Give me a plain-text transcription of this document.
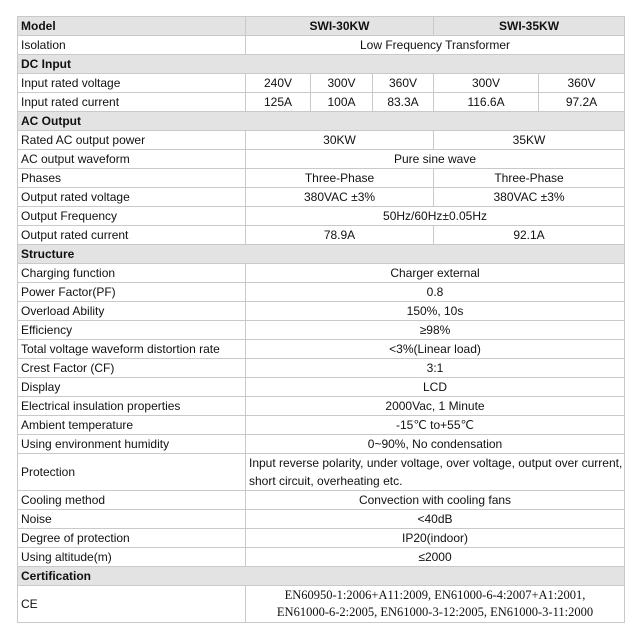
Model	SWI-30KW			SWI-35KW	
Isolation	Low Frequency Transformer				
DC Input					
Input rated voltage	240V	300V	360V	300V	360V
Input rated current	125A	100A	83.3A	116.6A	97.2A
AC Output					
Rated AC output power	30KW			35KW	
AC output waveform	Pure sine wave				
Phases	Three-Phase			Three-Phase	
Output rated voltage	380VAC ±3%			380VAC ±3%	
Output Frequency	50Hz/60Hz±0.05Hz				
Output rated current	78.9A			92.1A	
Structure					
Charging function	Charger external				
Power Factor(PF)	0.8				
Overload Ability	150%, 10s				
Efficiency	≥98%				
Total voltage waveform distortion rate	<3%(Linear load)				
Crest Factor (CF)	3:1				
Display	LCD				
Electrical insulation properties	2000Vac, 1 Minute				
Ambient temperature	-15℃ to+55℃				
Using environment humidity	0~90%, No condensation				
Protection	Input reverse polarity, under voltage, over voltage, output over current,
short circuit, overheating etc.				

Cooling method	Convection with cooling fans				
Noise	<40dB				
Degree of protection	IP20(indoor)				
Using altitude(m)	≤2000				
Certification					
CE	EN60950-1:2006+A11:2009, EN61000-6-4:2007+A1:2001,
EN61000-6-2:2005, EN61000-3-12:2005, EN61000-3-11:2000				
